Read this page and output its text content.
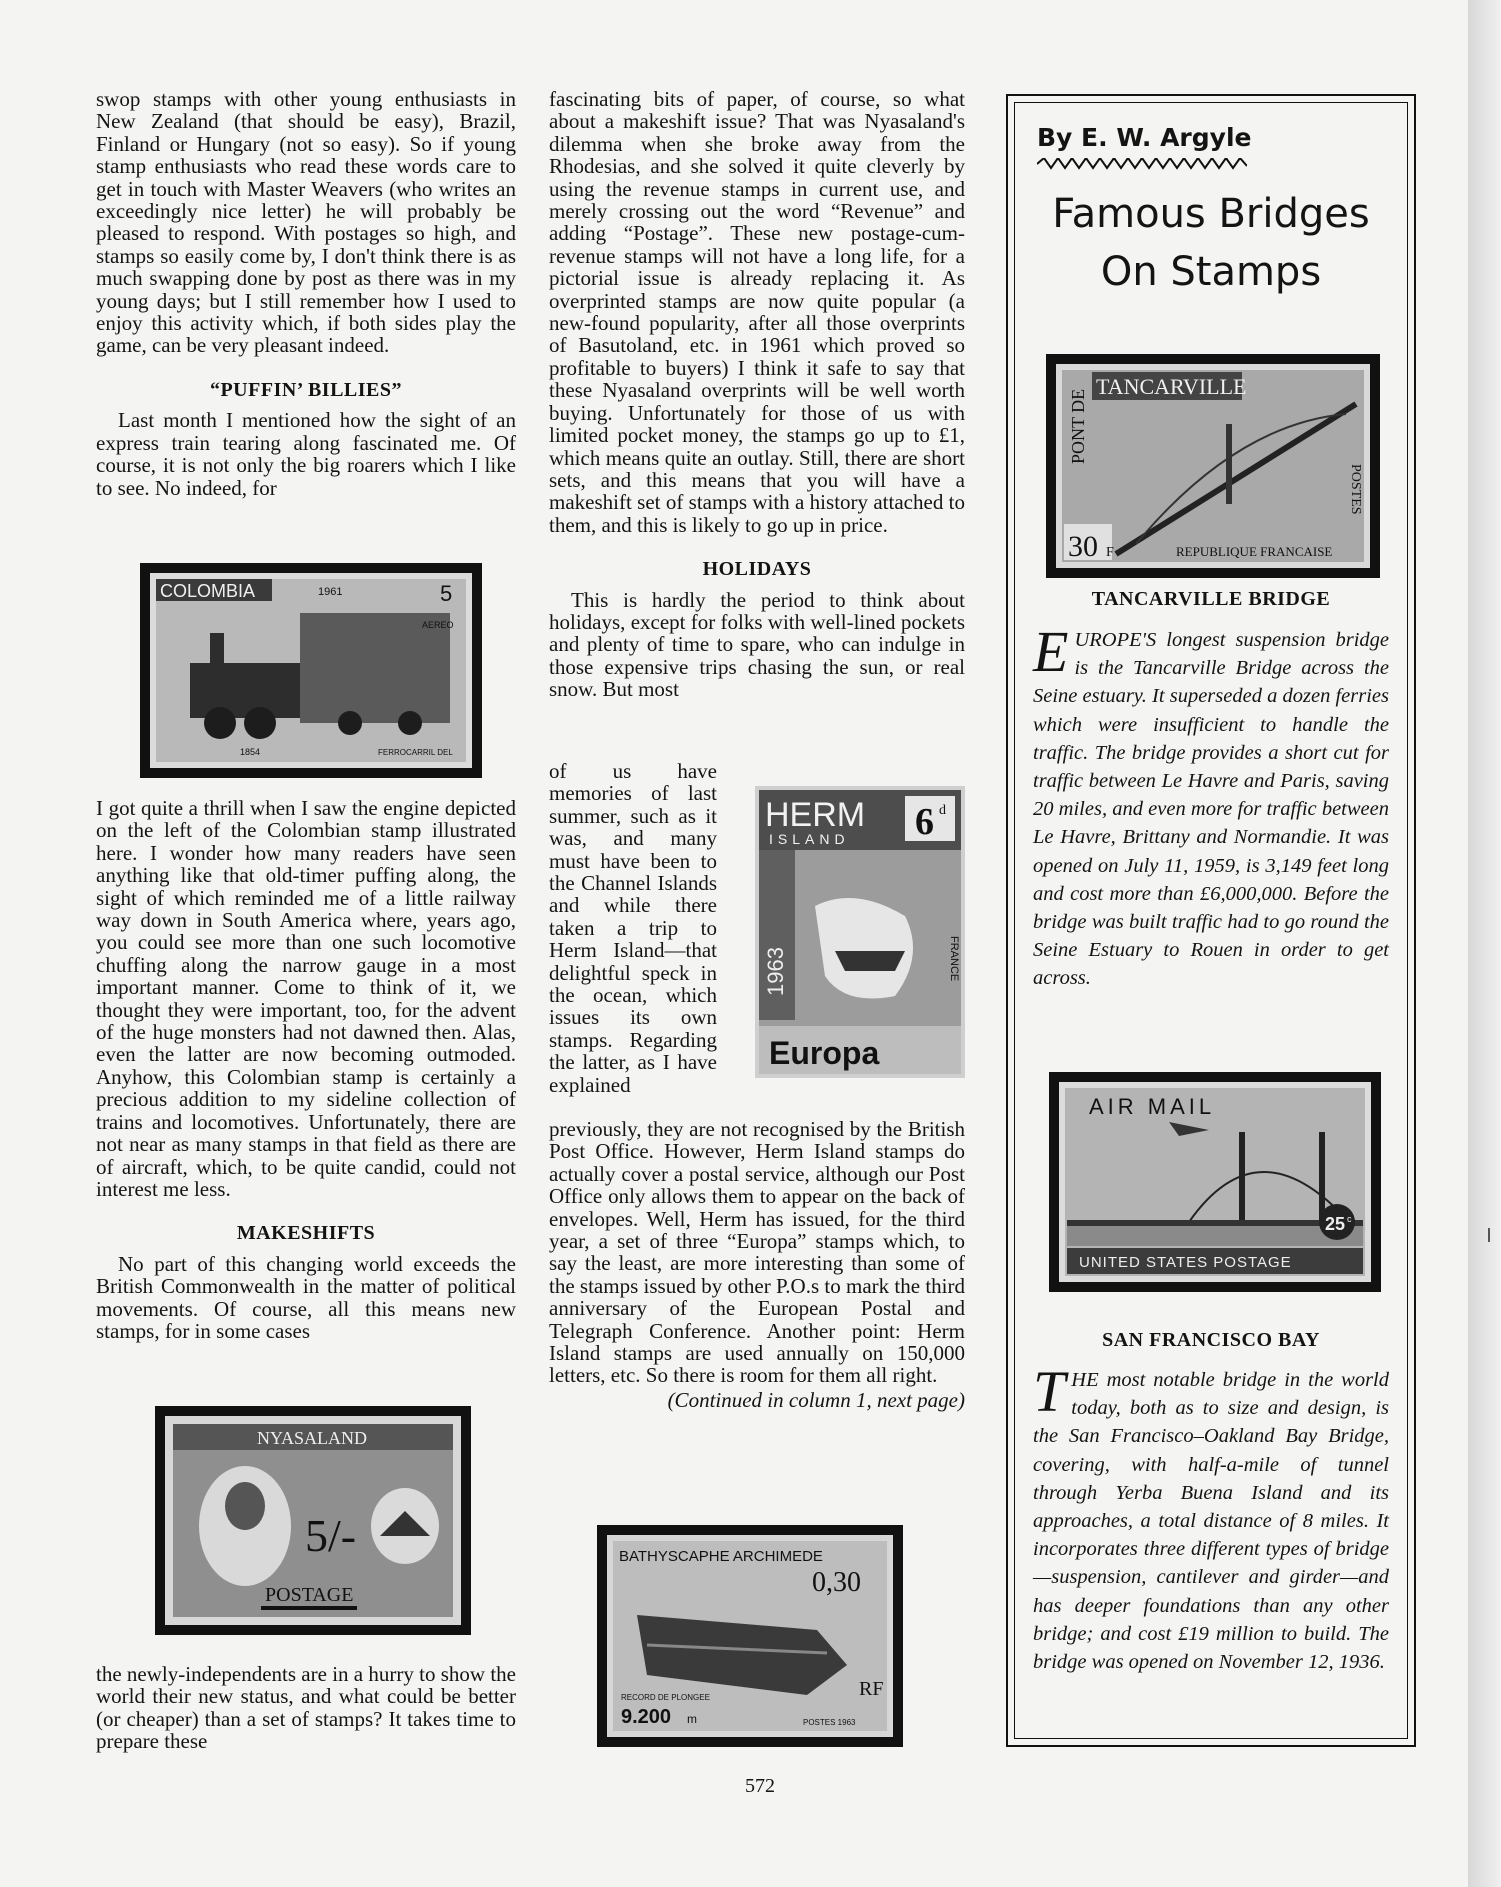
swop stamps with other young enthusiasts in New Zealand (that should be easy), Brazil, Finland or Hungary (not so easy). So if young stamp enthusiasts who read these words care to get in touch with Master Weavers (who writes an exceedingly nice letter) he will probably be pleased to respond. With postages so high, and stamps so easily come by, I don't think there is as much swapping done by post as there was in my young days; but I still remember how I used to enjoy this activity which, if both sides play the game, can be very pleasant indeed.

“PUFFIN’ BILLIES”

Last month I mentioned how the sight of an express train tearing along fascinated me. Of course, it is not only the big roarers which I like to see. No indeed, for

I got quite a thrill when I saw the engine depicted on the left of the Colombian stamp illustrated here. I wonder how many readers have seen anything like that old-timer puffing along, the sight of which reminded me of a little railway way down in South America where, years ago, you could see more than one such locomotive chuffing along the narrow gauge in a most important manner. Come to think of it, we thought they were important, too, for the advent of the huge monsters had not dawned then. Alas, even the latter are now becoming outmoded. Anyhow, this Colombian stamp is certainly a precious addition to my sideline collection of trains and locomotives. Unfortunately, there are not near as many stamps in that field as there are of aircraft, which, to be quite candid, could not interest me less.

MAKESHIFTS

No part of this changing world exceeds the British Commonwealth in the matter of political movements. Of course, all this means new stamps, for in some cases

the newly-independents are in a hurry to show the world their new status, and what could be better (or cheaper) than a set of stamps? It takes time to prepare these

COLOMBIA	1961	5
AEREO
1854	FERROCARRIL DEL
NYASALAND
5/-
POSTAGE

fascinating bits of paper, of course, so what about a makeshift issue? That was Nyasaland's dilemma when she broke away from the Rhodesias, and she solved it quite cleverly by using the revenue stamps in current use, and merely crossing out the word “Revenue” and adding “Postage”. These new postage-cum-revenue stamps will not have a long life, for a pictorial issue is already replacing it. As overprinted stamps are now quite popular (a new-found popularity, after all those overprints of Basutoland, etc. in 1961 which proved so profitable to buyers) I think it safe to say that these Nyasaland overprints will be well worth buying. Unfortunately for those of us with limited pocket money, the stamps go up to £1, which means quite an outlay. Still, there are short sets, and this means that you will have a makeshift set of stamps with a history attached to them, and this is likely to go up in price.

HOLIDAYS

This is hardly the period to think about holidays, except for folks with well-lined pockets and plenty of time to spare, who can indulge in those expensive trips chasing the sun, or real snow. But most

of us have memories of last summer, such as it was, and many must have been to the Channel Islands and while there taken a trip to Herm Island—that delightful speck in the ocean, which issues its own stamps. Regarding the latter, as I have explained

previously, they are not recognised by the British Post Office. However, Herm Island stamps do actually cover a postal service, although our Post Office only allows them to appear on the back of envelopes. Well, Herm has issued, for the third year, a set of three “Europa” stamps which, to say the least, are more interesting than some of the stamps issued by other P.O.s to mark the third anniversary of the European Postal and Telegraph Conference. Another point: Herm Island stamps are used annually on 150,000 letters, etc. So there is room for them all right.

(Continued in column 1, next page)

HERM
ISLAND 6 d
1963	FRANCE
Europa
BATHYSCAPHE ARCHIMEDE
0,30
RECORD DE PLONGEE
9.200 m
RF
POSTES 1963
By E. W. Argyle
Famous Bridges
On Stamps
TANCARVILLE
PONT DE
30 F	REPUBLIQUE FRANCAISE
POSTES
TANCARVILLE BRIDGE
EUROPE'S longest suspension bridge is the Tancarville Bridge across the Seine estuary. It superseded a dozen ferries which were insufficient to handle the traffic. The bridge provides a short cut for traffic between Le Havre and Paris, saving 20 miles, and even more for traffic between Le Havre, Brittany and Normandie. It was opened on July 11, 1959, is 3,149 feet long and cost more than £6,000,000. Before the bridge was built traffic had to go round the Seine Estuary to Rouen in order to get across.
AIR MAIL
25 c
UNITED STATES POSTAGE
SAN FRANCISCO BAY
THE most notable bridge in the world today, both as to size and design, is the San Francisco–Oakland Bay Bridge, covering, with half-a-mile of tunnel through Yerba Buena Island and its approaches, a total distance of 8 miles. It incorporates three different types of bridge—suspension, cantilever and girder—and has deeper foundations than any other bridge; and cost £19 million to build. The bridge was opened on November 12, 1936.
572
